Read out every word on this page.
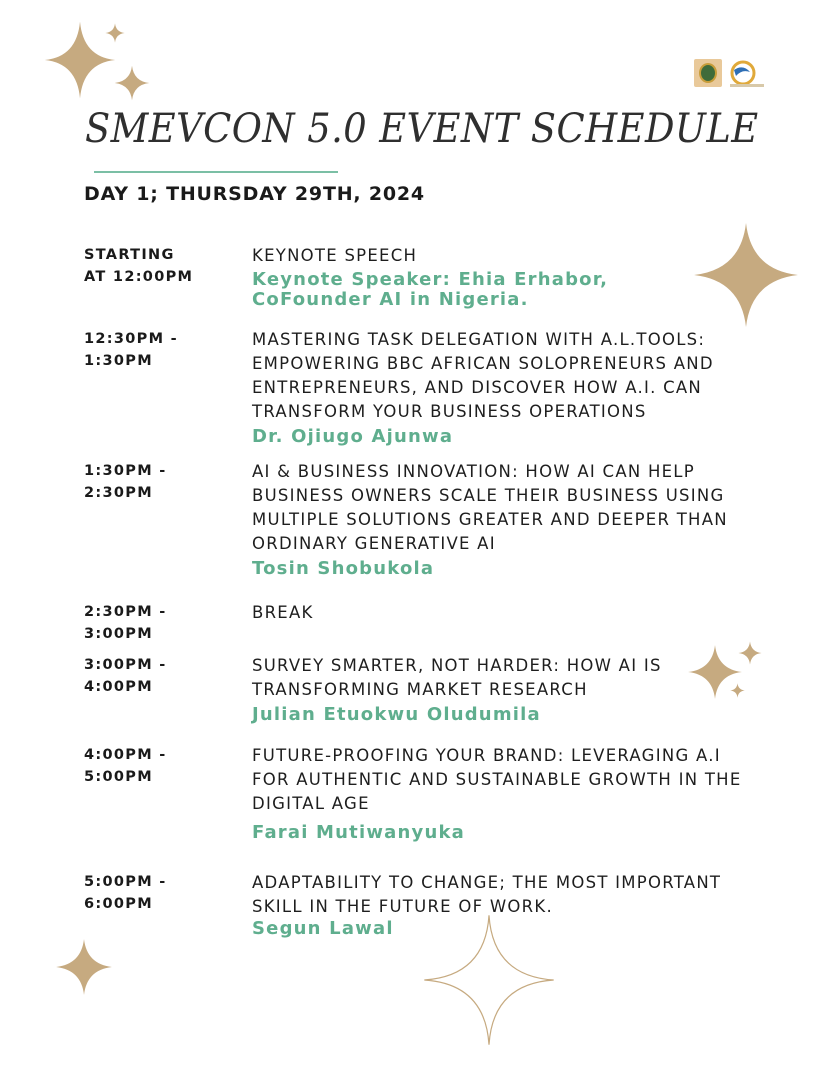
SMEVCON 5.0 EVENT SCHEDULE
DAY 1; THURSDAY 29TH, 2024

STARTING
AT 12:00PM

KEYNOTE SPEECH

Keynote Speaker: Ehia Erhabor,
CoFounder AI in Nigeria.

12:30PM -
1:30PM

MASTERING TASK DELEGATION WITH A.L.TOOLS:
EMPOWERING BBC AFRICAN SOLOPRENEURS AND
ENTREPRENEURS, AND DISCOVER HOW A.I. CAN
TRANSFORM YOUR BUSINESS OPERATIONS

Dr. Ojiugo Ajunwa

1:30PM -
2:30PM

AI & BUSINESS INNOVATION: HOW AI CAN HELP
BUSINESS OWNERS SCALE THEIR BUSINESS USING
MULTIPLE SOLUTIONS GREATER AND DEEPER THAN
ORDINARY GENERATIVE AI

Tosin Shobukola

2:30PM -
3:00PM

BREAK

3:00PM -
4:00PM

SURVEY SMARTER, NOT HARDER: HOW AI IS
TRANSFORMING MARKET RESEARCH

Julian Etuokwu Oludumila

4:00PM -
5:00PM

FUTURE-PROOFING YOUR BRAND: LEVERAGING A.I
FOR AUTHENTIC AND SUSTAINABLE GROWTH IN THE
DIGITAL AGE

Farai Mutiwanyuka

5:00PM -
6:00PM

ADAPTABILITY TO CHANGE; THE MOST IMPORTANT
SKILL IN THE FUTURE OF WORK.

Segun Lawal
